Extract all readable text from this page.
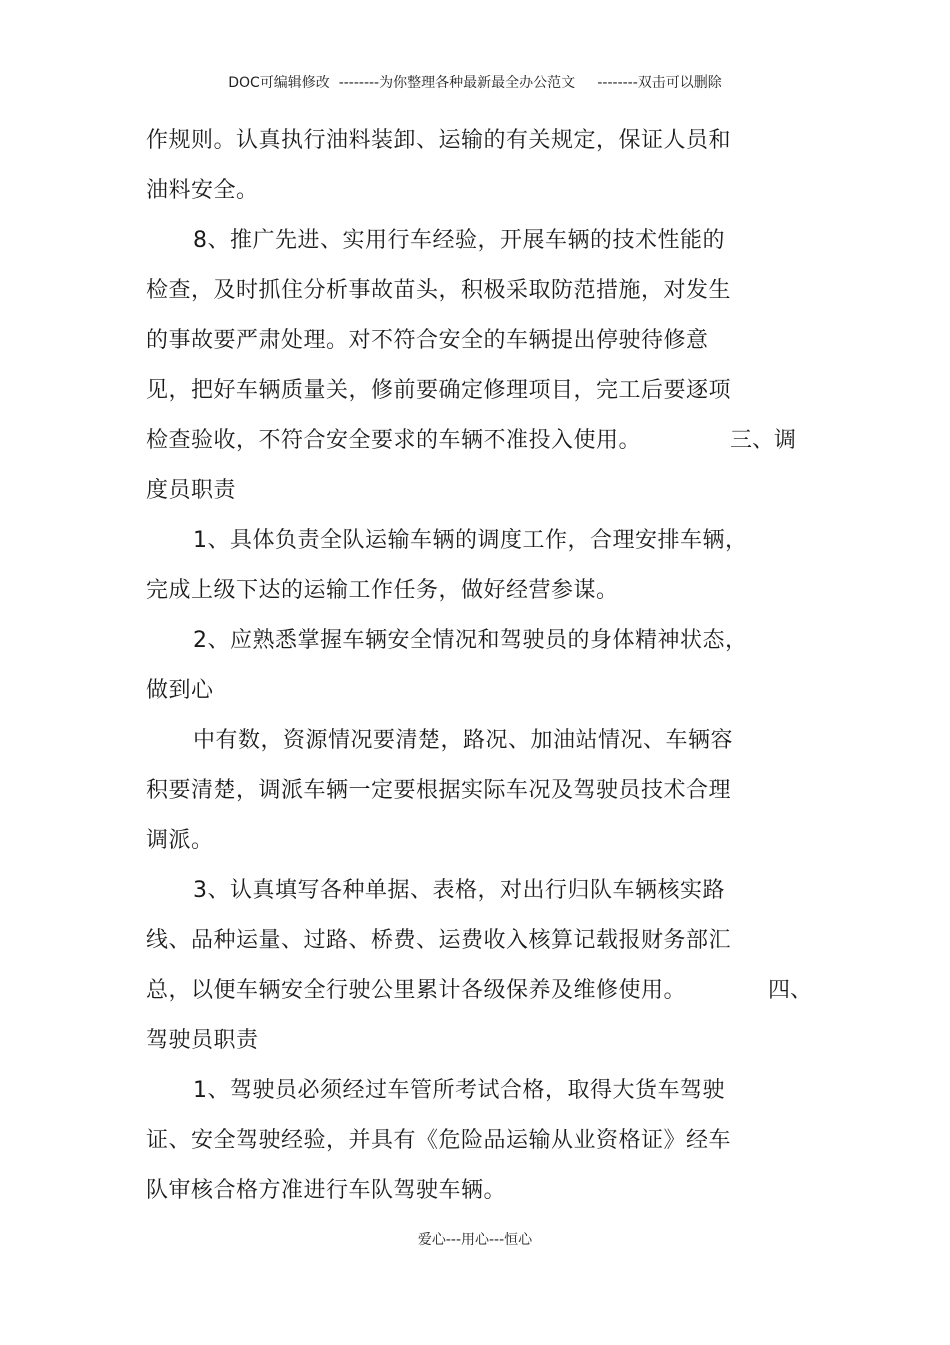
DOC可编辑修改  --------为你整理各种最新最全办公范文     --------双击可以删除
作规则。认真执行油料装卸、运输的有关规定，保证人员和
油料安全。
8、推广先进、实用行车经验，开展车辆的技术性能的
检查，及时抓住分析事故苗头，积极采取防范措施，对发生
的事故要严肃处理。对不符合安全的车辆提出停驶待修意
见，把好车辆质量关，修前要确定修理项目，完工后要逐项
检查验收，不符合安全要求的车辆不准投入使用。	三、调
度员职责
1、具体负责全队运输车辆的调度工作，合理安排车辆，
完成上级下达的运输工作任务，做好经营参谋。
2、应熟悉掌握车辆安全情况和驾驶员的身体精神状态，
做到心
中有数，资源情况要清楚，路况、加油站情况、车辆容
积要清楚，调派车辆一定要根据实际车况及驾驶员技术合理
调派。
3、认真填写各种单据、表格，对出行归队车辆核实路
线、品种运量、过路、桥费、运费收入核算记载报财务部汇
总，以便车辆安全行驶公里累计各级保养及维修使用。	四、
驾驶员职责
1、驾驶员必须经过车管所考试合格，取得大货车驾驶
证、安全驾驶经验，并具有《危险品运输从业资格证》经车
队审核合格方准进行车队驾驶车辆。
爱心---用心---恒心
